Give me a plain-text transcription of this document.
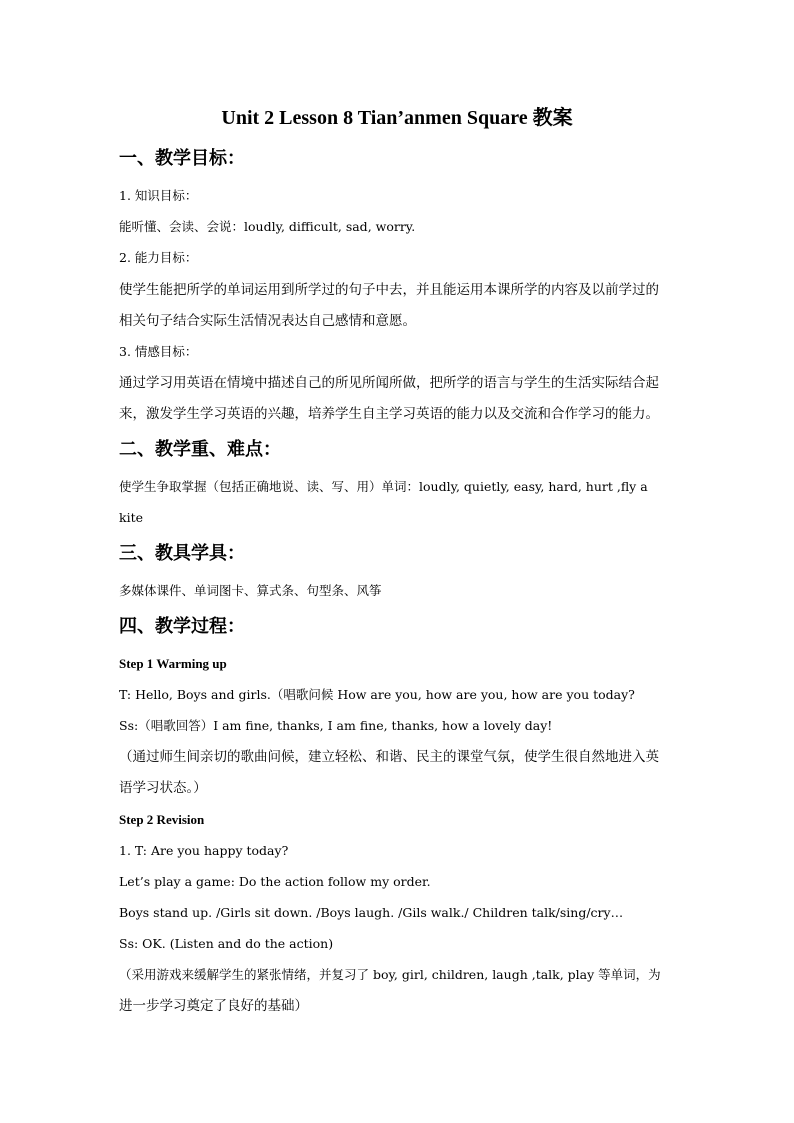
Unit 2 Lesson 8 Tian’anmen Square 教案
一、教学目标：
1. 知识目标：
能听懂、会读、会说：loudly, difficult, sad, worry.
2. 能力目标：
使学生能把所学的单词运用到所学过的句子中去，并且能运用本课所学的内容及以前学过的
相关句子结合实际生活情况表达自己感情和意愿。
3. 情感目标：
通过学习用英语在情境中描述自己的所见所闻所做，把所学的语言与学生的生活实际结合起
来，激发学生学习英语的兴趣，培养学生自主学习英语的能力以及交流和合作学习的能力。
二、教学重、难点：
使学生争取掌握（包括正确地说、读、写、用）单词：loudly, quietly, easy, hard, hurt ,fly a
kite
三、教具学具：
多媒体课件、单词图卡、算式条、句型条、风筝
四、教学过程：
Step 1 Warming up
T: Hello, Boys and girls.（唱歌问候 How are you, how are you, how are you today?
Ss:（唱歌回答）I am fine, thanks, I am fine, thanks, how a lovely day!
（通过师生间亲切的歌曲问候，建立轻松、和谐、民主的课堂气氛，使学生很自然地进入英
语学习状态。）
Step 2 Revision
1. T: Are you happy today?
Let’s play a game: Do the action follow my order.
Boys stand up. /Girls sit down. /Boys laugh. /Gils walk./ Children talk/sing/cry…
Ss: OK. (Listen and do the action)
（采用游戏来缓解学生的紧张情绪，并复习了 boy, girl, children, laugh ,talk, play 等单词，为
进一步学习奠定了良好的基础）
